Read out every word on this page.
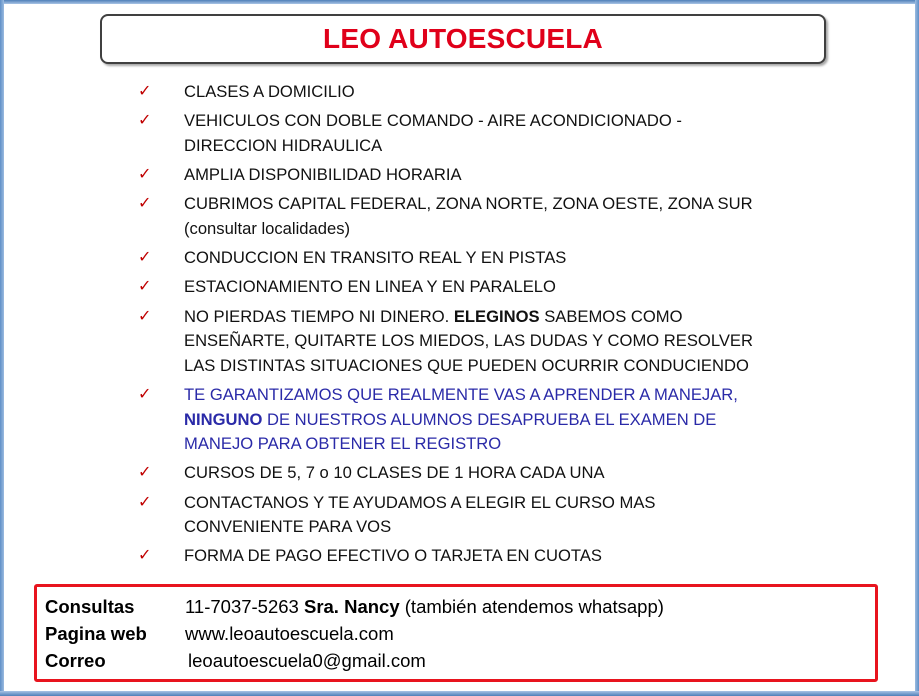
LEO AUTOESCUELA
✓ CLASES A DOMICILIO
✓ VEHICULOS CON DOBLE COMANDO - AIRE ACONDICIONADO -
DIRECCION HIDRAULICA
✓ AMPLIA DISPONIBILIDAD HORARIA
✓ CUBRIMOS CAPITAL FEDERAL, ZONA NORTE, ZONA OESTE, ZONA SUR
(consultar localidades)
✓ CONDUCCION EN TRANSITO REAL Y EN PISTAS
✓ ESTACIONAMIENTO EN LINEA Y EN PARALELO
✓ NO PIERDAS TIEMPO NI DINERO. ELEGINOS SABEMOS COMO
ENSEÑARTE, QUITARTE LOS MIEDOS, LAS DUDAS Y COMO RESOLVER
LAS DISTINTAS SITUACIONES QUE PUEDEN OCURRIR CONDUCIENDO
✓ TE GARANTIZAMOS QUE REALMENTE VAS A APRENDER A MANEJAR,
NINGUNO DE NUESTROS ALUMNOS DESAPRUEBA EL EXAMEN DE
MANEJO PARA OBTENER EL REGISTRO
✓ CURSOS DE 5, 7 o 10 CLASES DE 1 HORA CADA UNA
✓ CONTACTANOS Y TE AYUDAMOS A ELEGIR EL CURSO MAS
CONVENIENTE PARA VOS
✓ FORMA DE PAGO EFECTIVO O TARJETA EN CUOTAS
Consultas	11-7037-5263 Sra. Nancy (también atendemos whatsapp)
Pagina web www.leoautoescuela.com
Correo	leoautoescuela0@gmail.com
